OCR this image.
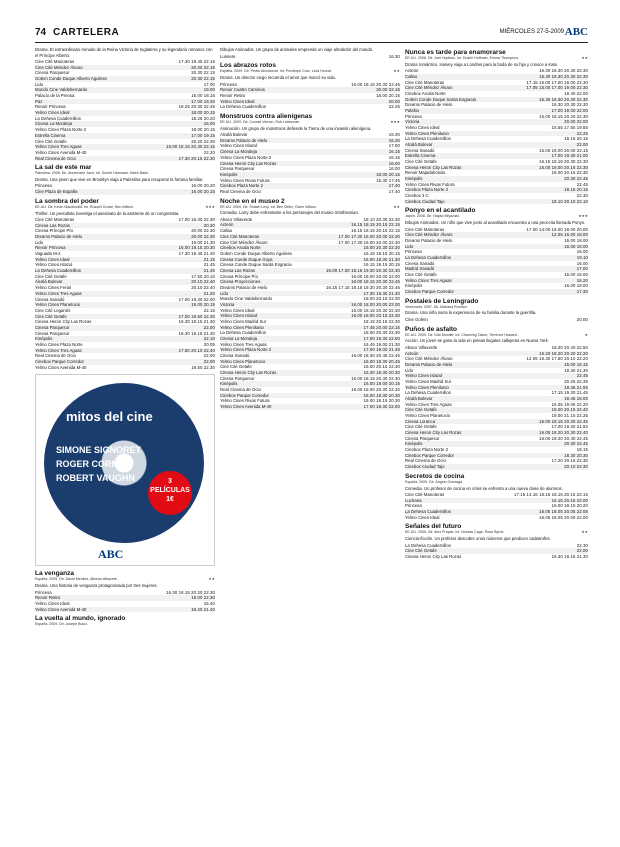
74 CARTELERA	MIÉRCOLES 27-5-2009 ABC
Drama. El extraordinario reinado de la Reina Victoria de Inglaterra y su legendario romance con el Príncipe Alberto.
Cine Cité Manoteras	17.30 19.45 22.15
Cine Cité Méndez Álvaro	20.00 22.15
Cinesa Parquesur	20.30 22.15
Golem Conde Duque Alberto Aguilera	20.30 22.15
Lido	17.00
Mundo Cine Valdebernardo	19.00
Palacio de la Prensa	16.00 18.15
Paz	17.00 19.30
Renoir Princesa	18.25 20.30 22.45
Yelmo Cines Ideal	18.00 20.15
La Dehesa Cuadernillos	18.25 20.20
Cinesa La Moraleja	16.00
Yelmo Cines Plaza Norte 2	18.00 20.15
Estrella Cinema	17.00 19.15
Cine Cité Getafe	20.20 22.30
Yelmo Cines Tres Aguas	16.00 18.15 20.30 22.15
Yelmo Cines Avenida M-40	22.20
Real Cinema de Ocio	17.30 20.15 22.30
La sal de este mar
Palestina. 2008. Dir. Annemarie Jacir. Int. Suheir Hammad, Saleh Bakri.
Drama. Una joven que vive en Brooklyn viaja a Palestina para recuperar la fortuna familiar.
Princesa	16.00 20.20
Cine Plaza de España	16.00 20.15
La sombra del poder
EE.UU. Dir. Kevin Macdonald. Int. Russell Crowe, Ben Affleck.	★★★
Thriller. Un periodista investiga el asesinato de la asistente de un congresista.
Cine Cité Manoteras	17.00 19.30 22.30
Cinesa Las Rozas	20.30
Cinesa Príncipe Pío	20.00 22.30
Dreams Palacio de Hielo	20.00 22.30
Lido	19.00 21.30
Renoir Princesa	16.00 19.15 20.30
Vaguada M-2	17.30 19.45 21.30
Yelmo Cines Ideal	21.15
Yelmo Cines Islazul	21.45
La Dehesa Cuadernillos	21.45
Cine Cité Getafe	17.50 20.10
Alcalá Bulevar	20.10 22.40
Yelmo Cines Ferial	20.10 22.40
Yelmo Cines Tres Aguas	21.20
Cinesa Xanadú	17.00 19.30 22.00
Yelmo Cines Planetocio	18.00 20.15
Cine Cité Leganés	22.15
Cine Cité Getafe	17.00 19.50 22.30
Cinesa Heron City Las Rozas	16.30 19.15 21.30
Cinesa Parquesur	22.00
Cinesa Parquesur	16.30 19.15 21.30
Kinépolis	22.10
Yelmo Cines Plaza Norte	20.05
Yelmo Cines Tres Aguas	17.50 20.10 22.40
Real Cinema de Ocio	22.00
Cinebox Parque Corredor	22.00
Yelmo Cines Avenida M-40	19.50 22.30
mitos del cine
SIMONE SIGNORET
ROGER CORMAN
ROBERT VAUGHN	3 PELÍCULAS 1€
ABC
La venganza
España. 2009. Dir. David Menkes, Alfonso Albacete.	★★
Drama. Una historia de venganza protagonizada por tres mujeres.
Princesa	16.30 18.15 20.20 22.30
Renoir Retiro	18.00 22.30
Yelmo Cines Ideal	15.40
Yelmo Cines Avenida M-40	19.20 21.40
La vuelta al mundo, ignorado
España. 2009. Dir. Joseph Bucci.
Dibujos Animados. Un grupo de animales emprende un viaje alrededor del mundo.
Lumiere	16.30
Los abrazos rotos
España. 2009. Dir. Pedro Almodóvar. Int. Penélope Cruz, Lluís Homar.	★★
Drama. Un director ciego recuerda el amor que marcó su vida.
Princesa	16.00 18.15 20.30 22.45
Renoir Cuatro Caminos	20.00 22.15
Renoir Retiro	16.00 20.15
Yelmo Cines Ideal	20.00
La Dehesa Cuadernillos	22.25
Monstruos contra alienígenas
EE.UU. 2009. Dir. Conrad Vernon, Rob Letterman.	★★★
Animación. Un grupo de monstruos defiende la Tierra de una invasión alienígena.
Alcalá Bulevar	19.30
Dreams Palacio de Hielo	16.30
Yelmo Cines Islazul	17.00
Cinesa La Moraleja	16.15
Yelmo Cines Plaza Norte 2	16.15
Cinesa Heron City Las Rozas	16.00
Cinesa Parquesur	16.00
Kinépolis	18.00 20.15
Yelmo Cines Rivas Futura	15.30 17.45
Cinebox Plaza Norte 2	17.40
Real Cinema de Ocio	17.40
Noche en el museo 2
EE.UU. 2009. Dir. Shawn Levy. Int. Ben Stiller, Owen Wilson.	★★
Comedia. Larry debe enfrentarse a los personajes del museo Smithsonian.
Abaco Villaverde	18.10 20.30 22.30
Acteón	16.15 18.15 20.15 22.15
Callao	16.15 18.15 20.15 22.15
Cine Cité Manoteras	17.00 17.30 15.00 20.00 22.30
Cine Cité Méndez Álvaro	17.00 17.30 15.00 20.00 22.30
Cinebox Arcala Norte	18.00 20.30 22.30
Golem Conde Duque Alberto Aguilera	16.15 18.15 20.15
Cinesa Conde Duque Goya	16.00 18.30 21.30
Cinesa Conde Duque Santa Engracia	16.15 18.15 20.15
Cinesa Las Rozas	16.00 17.00 18.15 19.30 20.30 22.30
Cinesa Príncipe Pío	16.00 18.00 20.00 22.00
Cinesa Proyecciones	16.00 18.15 20.30 22.45
Dreams Palacio de Hielo	16.15 17.15 18.15 19.30 20.30 22.45
Lido	17.30 19.30 21.30
Mundo Cine Valdebernardo	18.00 20.15 22.30
Victoria	16.00 18.00 20.00 22.00
Yelmo Cines Ideal	16.00 18.15 20.30 22.30
Yelmo Cines Islazul	16.00 18.00 20.15 22.30
Yelmo Cines Madrid Sur	18.15 20.15 22.30
Yelmo Cines Plenilunio	17.45 20.00 22.15
La Dehesa Cuadernillos	18.00 20.30 22.30
Cinesa La Moraleja	17.00 19.30 22.00
Yelmo Cines Tres Aguas	16.45 19.00 21.30
Yelmo Cines Plaza Norte 2	17.00 19.00 21.45
Cinesa Xanadú	16.00 18.30 20.45 22.45
Yelmo Cines Planetocio	16.00 18.30 20.45
Cine Cité Getafe	18.00 20.15 22.30
Cinesa Heron City Las Rozas	16.30 18.30 20.30
Cinesa Parquesur	16.00 18.15 20.30 22.30
Kinépolis	16.00 18.00 20.15
Real Cinema de Ocio	16.00 18.00 20.30 22.30
Cinebox Parque Corredor	16.00 18.30 20.30
Yelmo Cines Rivas Futura	16.00 18.15 20.30
Yelmo Cines Avenida M-40	17.00 19.30 22.00
Nunca es tarde para enamorarse
EE.UU. 2008. Dir. Joel Hopkins. Int. Dustin Hoffman, Emma Thompson.	★★
Drama romántico. Harvey viaja a Londres para la boda de su hija y conoce a Kate.
Acteón	16.30 18.30 20.30 22.30
Callao	16.30 18.30 20.30 22.30
Cine Cité Manoteras	17.15 15.00 17.00 19.00 22.30
Cine Cité Méndez Álvaro	17.05 15.00 17.00 19.00 22.30
Cinebox Arcala Norte	18.40 22.00
Golem Conde Duque Santa Engracia	16.30 18.30 20.30 22.30
Dreams Palacio de Hielo	18.30 20.30 22.30
Palafox	17.00 19.00 22.00
Princesa	16.00 18.15 20.20 22.30
Victoria	20.00 22.00
Yelmo Cines Ideal	15.55 17.55 19.55
Yelmo Cines Plenilunio	22.25
La Dehesa Cuadernillos	18.15 20.15
Alcalá Bulevar	22.00
Cinesa Xanadú	16.00 18.00 20.00 22.15
Estrella Cinema	17.00 19.30 21.00
Cine Cité Getafe	16.15 18.15 20.30 22.30
Cinesa Heron City Las Rozas	16.00 18.00 20.15 22.30
Renoir Majadahonda	18.00 20.15 22.30
Kinépolis	20.30 22.45
Yelmo Cines Rivas Futura	22.45
Cinebox Plaza Norte 2	18.15 20.15
Cinebox 3 C	22.30
Cinebox Ciudad Tajo	18.10 20.10 22.10
Ponyo en el acantilado
Japón. 2008. Dir. Hayao Miyazaki.	★★★
Dibujos Animados. Un niño que vive junto al acantilado encuentra a una pececita llamada Ponyo.
Cine Cité Manoteras	17.00 14.00 16.00 18.00 20.00
Cine Cité Méndez Álvaro	12.05 16.00 18.00
Dreams Palacio de Hielo	16.00 18.00
Lido	16.00 18.00
Princesa	16.00
La Dehesa Cuadernillos	19.10
Cinesa Xanadú	16.00
Madrid Xanadú	17.00
Cine Cité Getafe	16.00 18.00
Yelmo Cines Tres Aguas	16.20
Kinépolis	16.00 18.00
Cinebox Parque Corredor	17.30
Postales de Leningrado
Venezuela. 2007. Dir. Mariana Rondón.
Drama. Una niña narra la experiencia de su familia durante la guerrilla.
Cine Golem	20.00
Puños de asfalto
EE.UU. 2009. Dir. Dito Montiel. Int. Channing Tatum, Terrence Howard.	★
Acción. Un joven se gana la vida en peleas ilegales callejeras en Nueva York.
Abaco Villaverde	18.20 20.40 22.50
Acteón	16.20 18.20 20.20 22.20
Cine Cité Méndez Álvaro	12.05 15.30 17.50 20.10 22.20
Dreams Palacio de Hielo	16.00 18.15
Lido	19.30 21.30
Yelmo Cines Islazul	22.45
Yelmo Cines Madrid Sur	20.25 22.35
Yelmo Cines Plenilunio	19.45 21.55
La Dehesa Cuadernillos	17.15 19.30 21.45
Alcalá Bulevar	19.45 18.00
Yelmo Cines Tres Aguas	16.05 19.05 22.20
Cine Cité Getafe	18.00 20.15 22.40
Yelmo Cines Planetocio	19.00 21.15 22.25
Cinesa Loranca	16.00 18.15 20.30 22.45
Cine Cité Getafe	17.00 19.30 21.50
Cinesa Heron City Las Rozas	16.00 18.20 20.30 22.40
Cinesa Parquesur	16.00 18.20 20.40 22.45
Kinépolis	20.30 22.45
Cinebox Plaza Norte 2	18.15
Cinebox Parque Corredor	18.30 20.30
Real Cinema de Ocio	17.20 20.15 22.30
Cinebox Ciudad Tajo	20.10 22.30
Secretos de cocina
España. 2009. Dir. Angelo Gonzaga.
Comedia. Un profesor de cocina en crisis se enfrenta a una nueva clase de alumnos.
Cine Cité Manoteras	17.15 14.15 16.15 18.15 20.15 22.15
Luchana	16.15 20.15 22.00
Princesa	16.00 18.15 20.20
La Dehesa Cuadernillos	16.05 18.05 20.05 22.05
Yelmo Cines Ideal	16.05 18.05 20.00 22.00
Señales del futuro
EE.UU. 2009. Dir. Alex Proyas. Int. Nicolas Cage, Rose Byrne.	★★
Ciencia-ficción. Un profesor descubre unos números que predicen catástrofes.
La Dehesa Cuadernillos	22.30
Cine Cité Getafe	22.00
Cinesa Heron City Las Rozas	16.30 19.15 21.30
